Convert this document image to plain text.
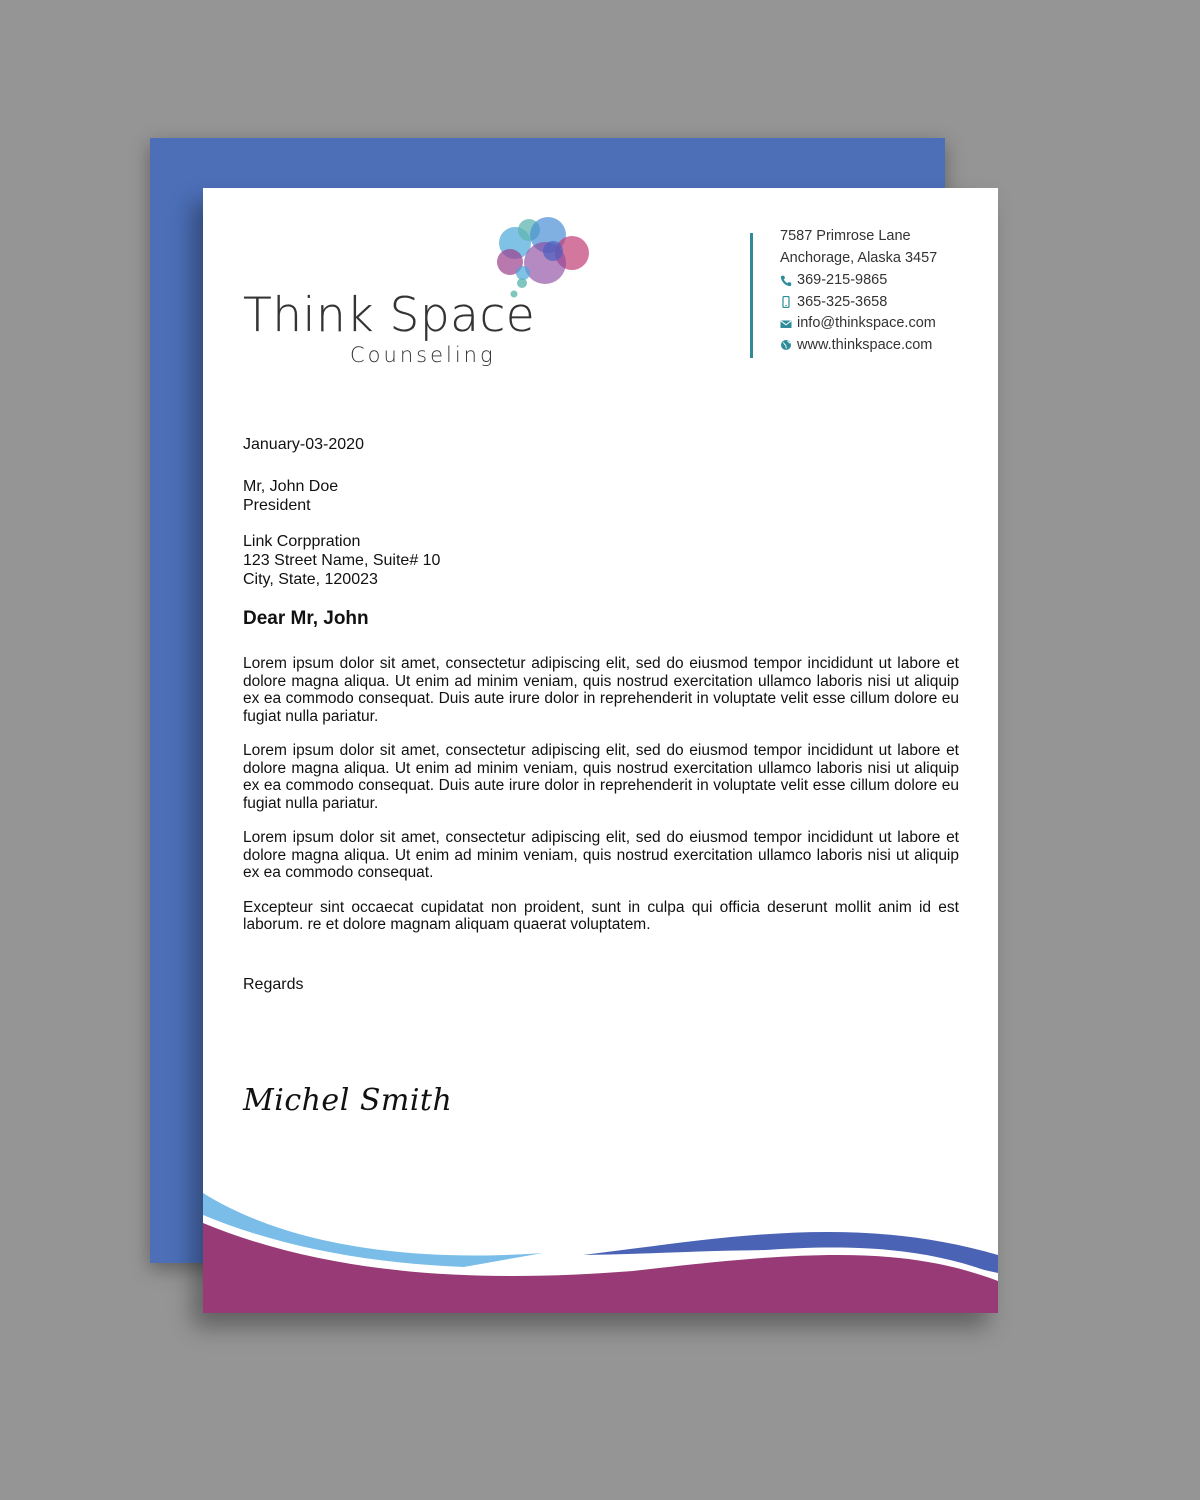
Think Space
Counseling
7587 Primrose Lane
Anchorage, Alaska 3457
369-215-9865
365-325-3658
info@thinkspace.com
www.thinkspace.com
January-03-2020
Mr, John Doe
President
Link Corppration
123 Street Name, Suite# 10
City, State, 120023
Dear Mr, John

Lorem ipsum dolor sit amet, consectetur adipiscing elit, sed do eiusmod tempor incididunt ut labore et dolore magna aliqua. Ut enim ad minim veniam, quis nostrud exercitation ullamco laboris nisi ut aliquip ex ea commodo consequat. Duis aute irure dolor in reprehenderit in voluptate velit esse cillum dolore eu fugiat nulla pariatur.

Lorem ipsum dolor sit amet, consectetur adipiscing elit, sed do eiusmod tempor incididunt ut labore et dolore magna aliqua. Ut enim ad minim veniam, quis nostrud exercitation ullamco laboris nisi ut aliquip ex ea commodo consequat. Duis aute irure dolor in reprehenderit in voluptate velit esse cillum dolore eu fugiat nulla pariatur.

Lorem ipsum dolor sit amet, consectetur adipiscing elit, sed do eiusmod tempor incididunt ut labore et dolore magna aliqua. Ut enim ad minim veniam, quis nostrud exercitation ullamco laboris nisi ut aliquip ex ea commodo consequat.

Excepteur sint occaecat cupidatat non proident, sunt in culpa qui officia deserunt mollit anim id est laborum. re et dolore magnam aliquam quaerat voluptatem.

Regards
Michel Smith
